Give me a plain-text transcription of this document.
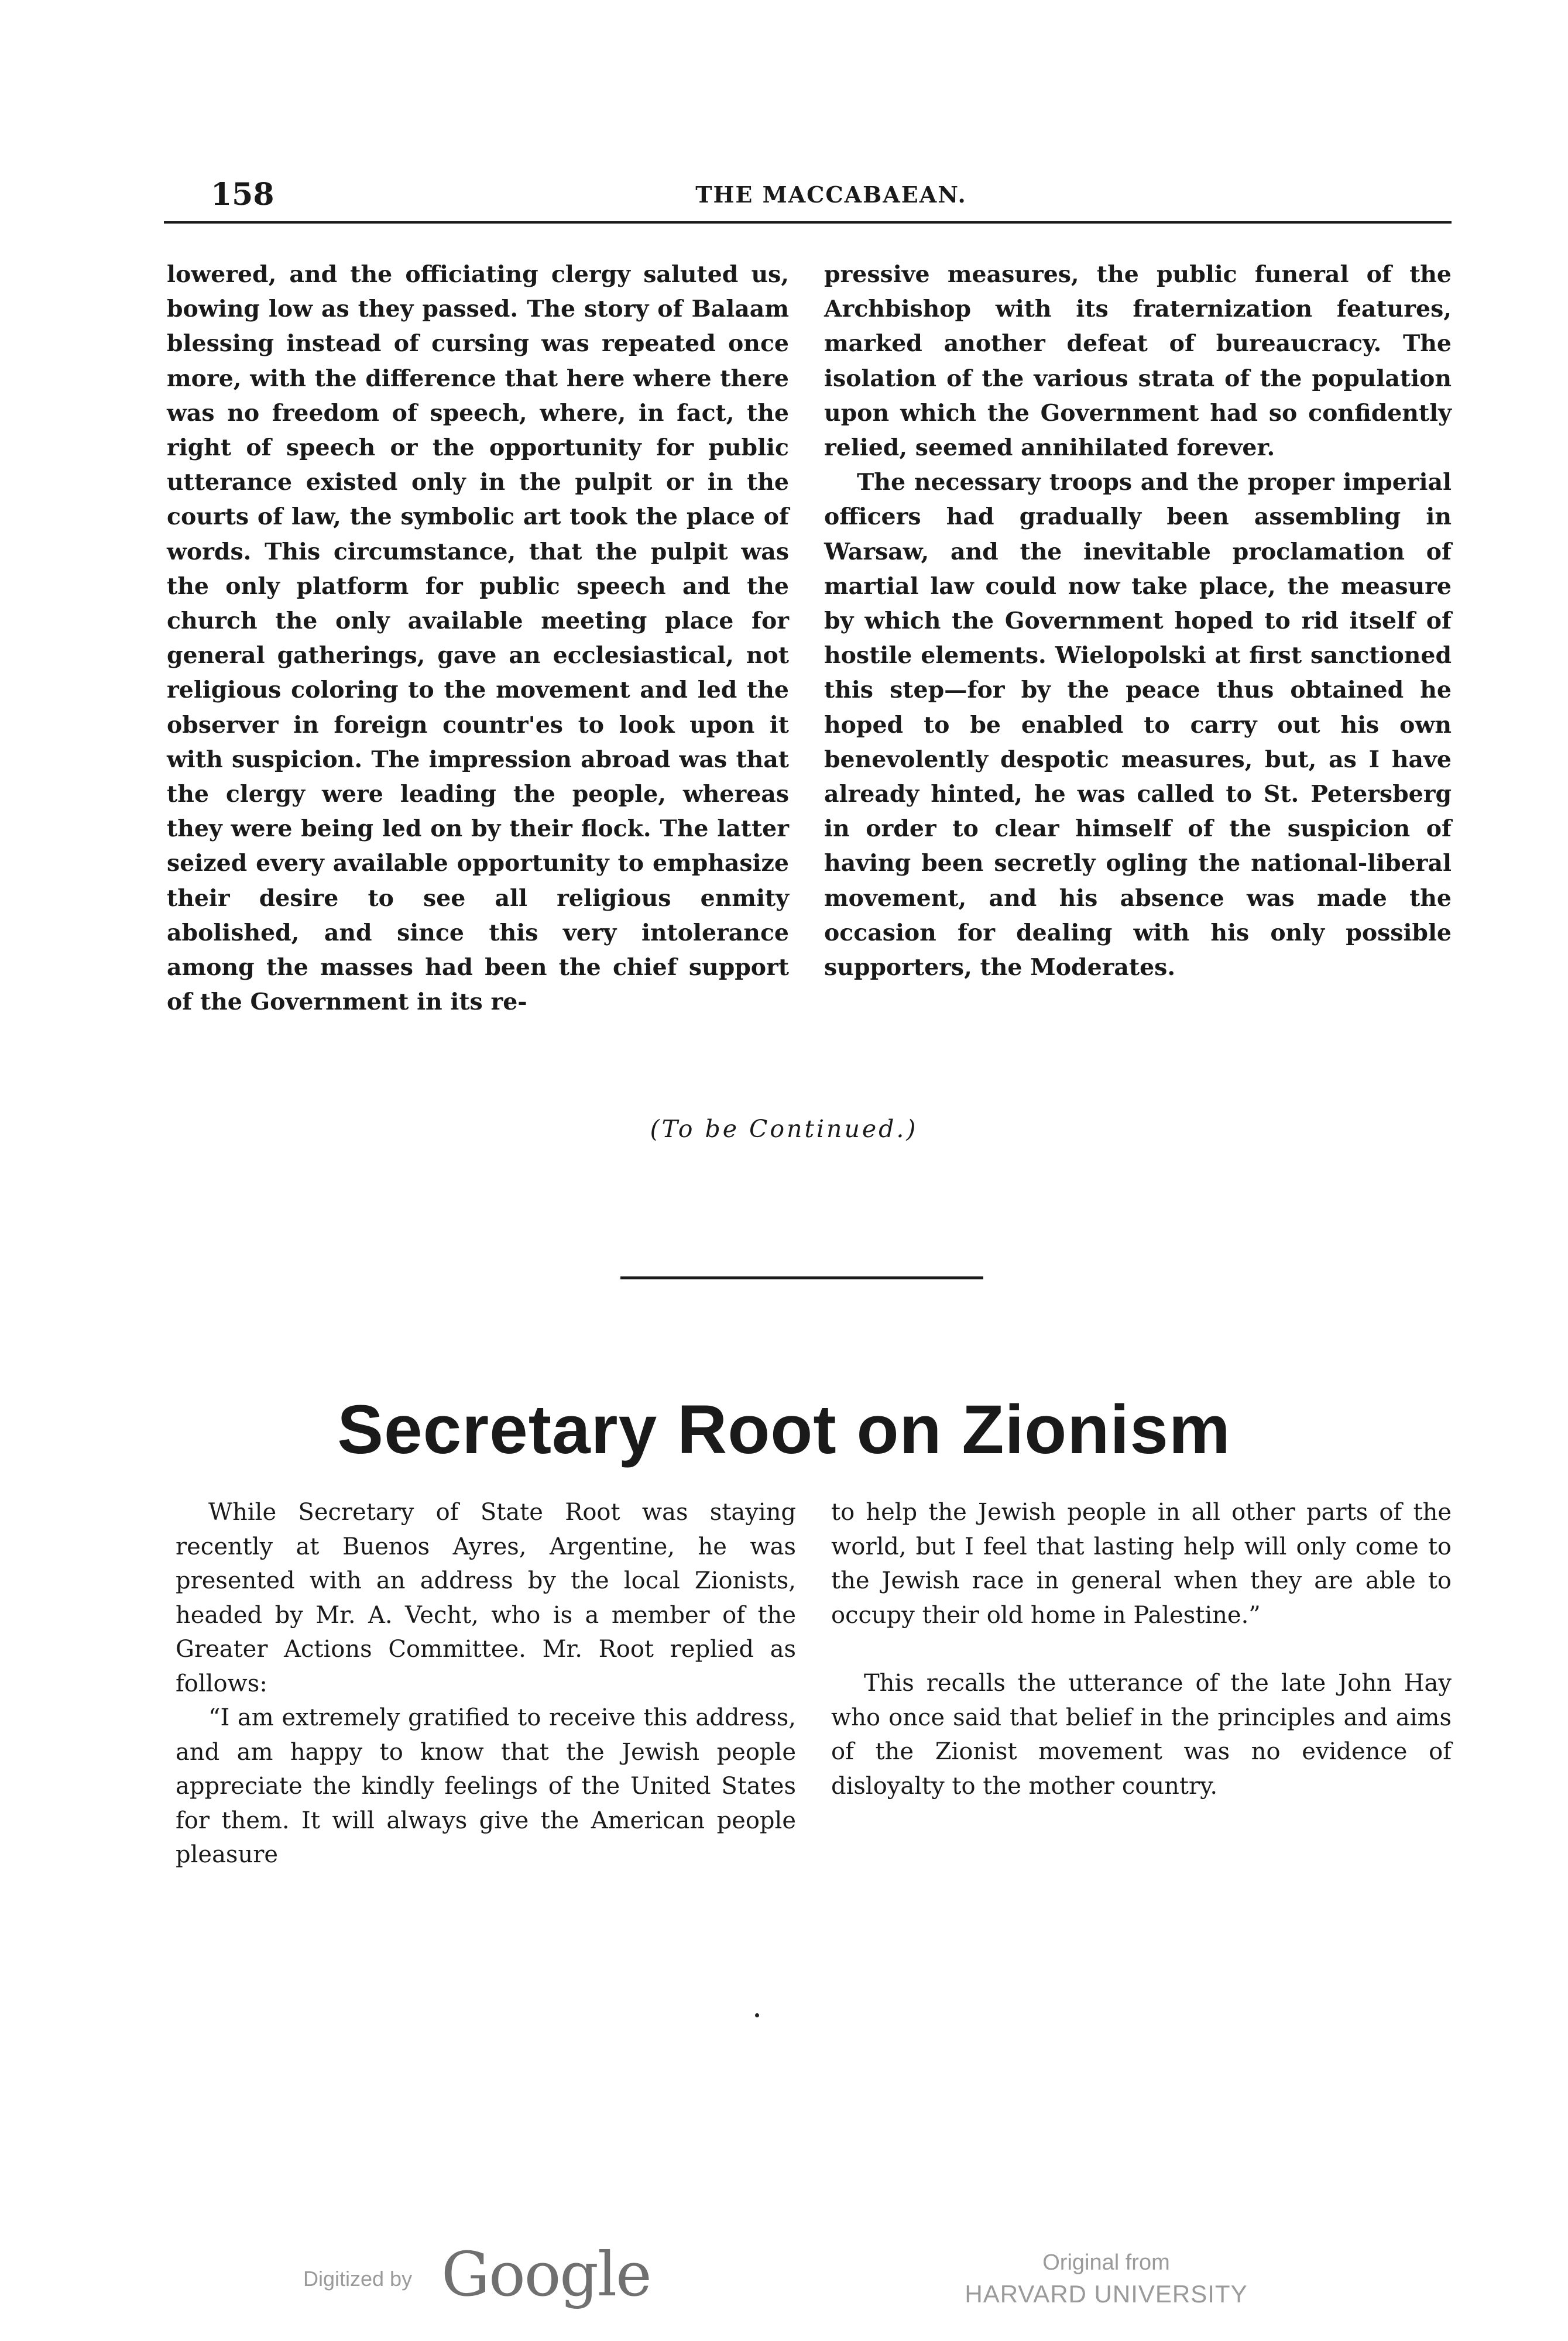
158	THE MACCABAEAN.

lowered, and the officiating clergy saluted us, bowing low as they passed. The story of Balaam blessing instead of cursing was repeated once more, with the difference that here where there was no freedom of speech, where, in fact, the right of speech or the opportunity for public utterance existed only in the pulpit or in the courts of law, the symbolic art took the place of words. This circumstance, that the pulpit was the only platform for public speech and the church the only available meeting place for general gatherings, gave an ecclesiastical, not religious coloring to the movement and led the observer in foreign countr'es to look upon it with suspicion. The impression abroad was that the clergy were leading the people, whereas they were being led on by their flock. The latter seized every available opportunity to emphasize their desire to see all religious enmity abolished, and since this very intolerance among the masses had been the chief support of the Government in its re-

pressive measures, the public funeral of the Archbishop with its fraternization features, marked another defeat of bureaucracy. The isolation of the various strata of the population upon which the Government had so confidently relied, seemed annihilated forever.

The necessary troops and the proper imperial officers had gradually been assembling in Warsaw, and the inevitable proclamation of martial law could now take place, the measure by which the Government hoped to rid itself of hostile elements. Wielopolski at first sanctioned this step—for by the peace thus obtained he hoped to be enabled to carry out his own benevolently despotic measures, but, as I have already hinted, he was called to St. Petersberg in order to clear himself of the suspicion of having been secretly ogling the national-liberal movement, and his absence was made the occasion for dealing with his only possible supporters, the Moderates.

(To be Continued.)
Secretary Root on Zionism

While Secretary of State Root was staying recently at Buenos Ayres, Argentine, he was presented with an address by the local Zionists, headed by Mr. A. Vecht, who is a member of the Greater Actions Committee. Mr. Root replied as follows:

“I am extremely gratified to receive this address, and am happy to know that the Jewish people appreciate the kindly feelings of the United States for them. It will always give the American people pleasure

to help the Jewish people in all other parts of the world, but I feel that lasting help will only come to the Jewish race in general when they are able to occupy their old home in Palestine.”

This recalls the utterance of the late John Hay who once said that belief in the principles and aims of the Zionist movement was no evidence of disloyalty to the mother country.

Digitized by Google	Original from
HARVARD UNIVERSITY
